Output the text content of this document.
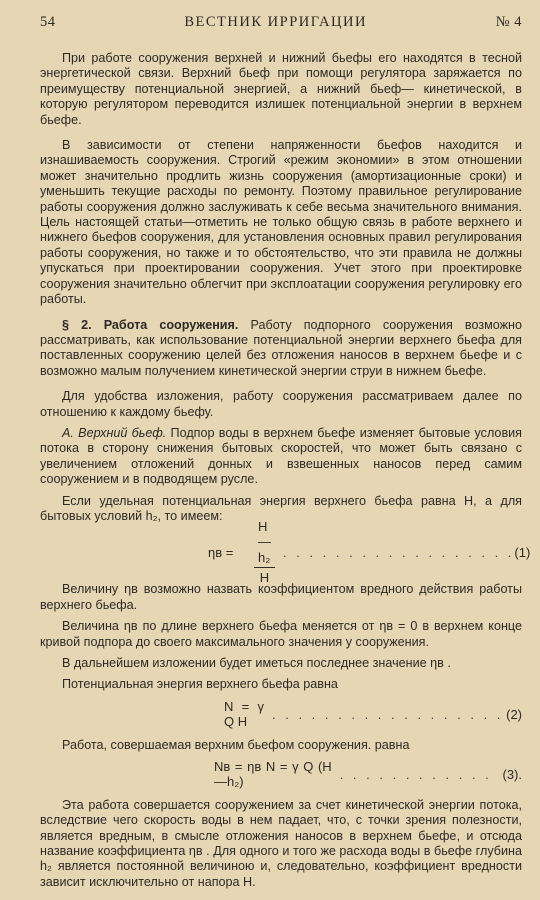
54	ВЕСТНИК ИРРИГАЦИИ	№ 4

При работе сооружения верхней и нижний бьефы его находятся в тесной энергетической связи. Верхний бьеф при помощи регулятора заряжается по преимуществу потенциальной энергией, а нижний бьеф— кинетической, в которую регулятором переводится излишек потенциальной энергии в верхнем бьефе.

В зависимости от степени напряженности бьефов находится и изнашиваемость сооружения. Строгий «режим экономии» в этом отношении может значительно продлить жизнь сооружения (амортизационные сроки) и уменьшить текущие расходы по ремонту. Поэтому правильное регулирование работы сооружения должно заслуживать к себе весьма значительного внимания. Цель настоящей статьи—отметить не только общую связь в работе верхнего и нижнего бьефов сооружения, для установления основных правил регулирования работы сооружения, но также и то обстоятельство, что эти правила не должны упускаться при проектировании сооружения. Учет этого при проектировке сооружения значительно облегчит при эксплоатации сооружения регулировку его работы.

§ 2. Работа сооружения. Работу подпорного сооружения возможно рассматривать, как использование потенциальной энергии верхнего бьефа для поставленных сооружению целей без отложения наносов в верхнем бьефе и с возможно малым получением кинетической энергии струи в нижнем бьефе.

Для удобства изложения, работу сооружения рассматриваем далее по отношению к каждому бьефу.

А. Верхний бьеф. Подпор воды в верхнем бьефе изменяет бытовые условия потока в сторону снижения бытовых скоростей, что может быть связано с увеличением отложений донных и взвешенных наносов перед самим сооружением и в подводящем русле.

Если удельная потенциальная энергия верхнего бьефа равна H, а для бытовых условий h₂, то имеем:

ηв =	$\frac{\text{H — h₂}}{H}$ . . . . . . . . . . . . . . . . . . (1)

Величину ηв возможно назвать коэффициентом вредного действия работы верхнего бьефа.

Величина ηв по длине верхнего бьефа меняется от ηв = 0 в верхнем конце кривой подпора до своего максимального значения у сооружения.

В дальнейшем изложении будет иметься последнее значение ηв .

Потенциальная энергия верхнего бьефа равна

N = γ Q H
. . . . . . . . . . . . . . . . . . (2)

Работа, совершаемая верхним бьефом сооружения. равна

Nв = ηв N = γ Q (H—h₂)
. . . . . . . . . . . . (3).

Эта работа совершается сооружением за счет кинетической энергии потока, вследствие чего скорость воды в нем падает, что, с точки зрения полезности, является вредным, в смысле отложения наносов в верхнем бьефе, и отсюда название коэффициента ηв . Для одного и того же расхода воды в бьефе глубина h₂ является постоянной величиною и, следовательно, коэффициент вредности зависит исключительно от напора H.
